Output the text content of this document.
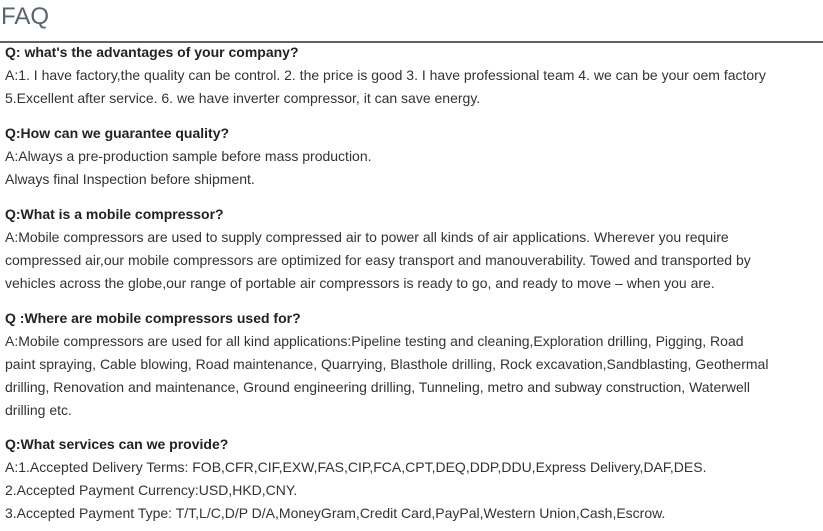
FAQ
Q: what's the advantages of your company?
A:1. I have factory,the quality can be control. 2. the price is good 3. I have professional team 4. we can be your oem factory
5.Excellent after service. 6. we have inverter compressor, it can save energy.
Q:How can we guarantee quality?
A:Always a pre-production sample before mass production.
Always final Inspection before shipment.
Q:What is a mobile compressor?
A:Mobile compressors are used to supply compressed air to power all kinds of air applications. Wherever you require
compressed air,our mobile compressors are optimized for easy transport and manouverability. Towed and transported by
vehicles across the globe,our range of portable air compressors is ready to go, and ready to move – when you are.
Q :Where are mobile compressors used for?
A:Mobile compressors are used for all kind applications:Pipeline testing and cleaning,Exploration drilling, Pigging, Road
paint spraying, Cable blowing, Road maintenance, Quarrying, Blasthole drilling, Rock excavation,Sandblasting, Geothermal
drilling, Renovation and maintenance, Ground engineering drilling, Tunneling, metro and subway construction, Waterwell
drilling etc.
Q:What services can we provide?
A:1.Accepted Delivery Terms: FOB,CFR,CIF,EXW,FAS,CIP,FCA,CPT,DEQ,DDP,DDU,Express Delivery,DAF,DES.
2.Accepted Payment Currency:USD,HKD,CNY.
3.Accepted Payment Type: T/T,L/C,D/P D/A,MoneyGram,Credit Card,PayPal,Western Union,Cash,Escrow.
